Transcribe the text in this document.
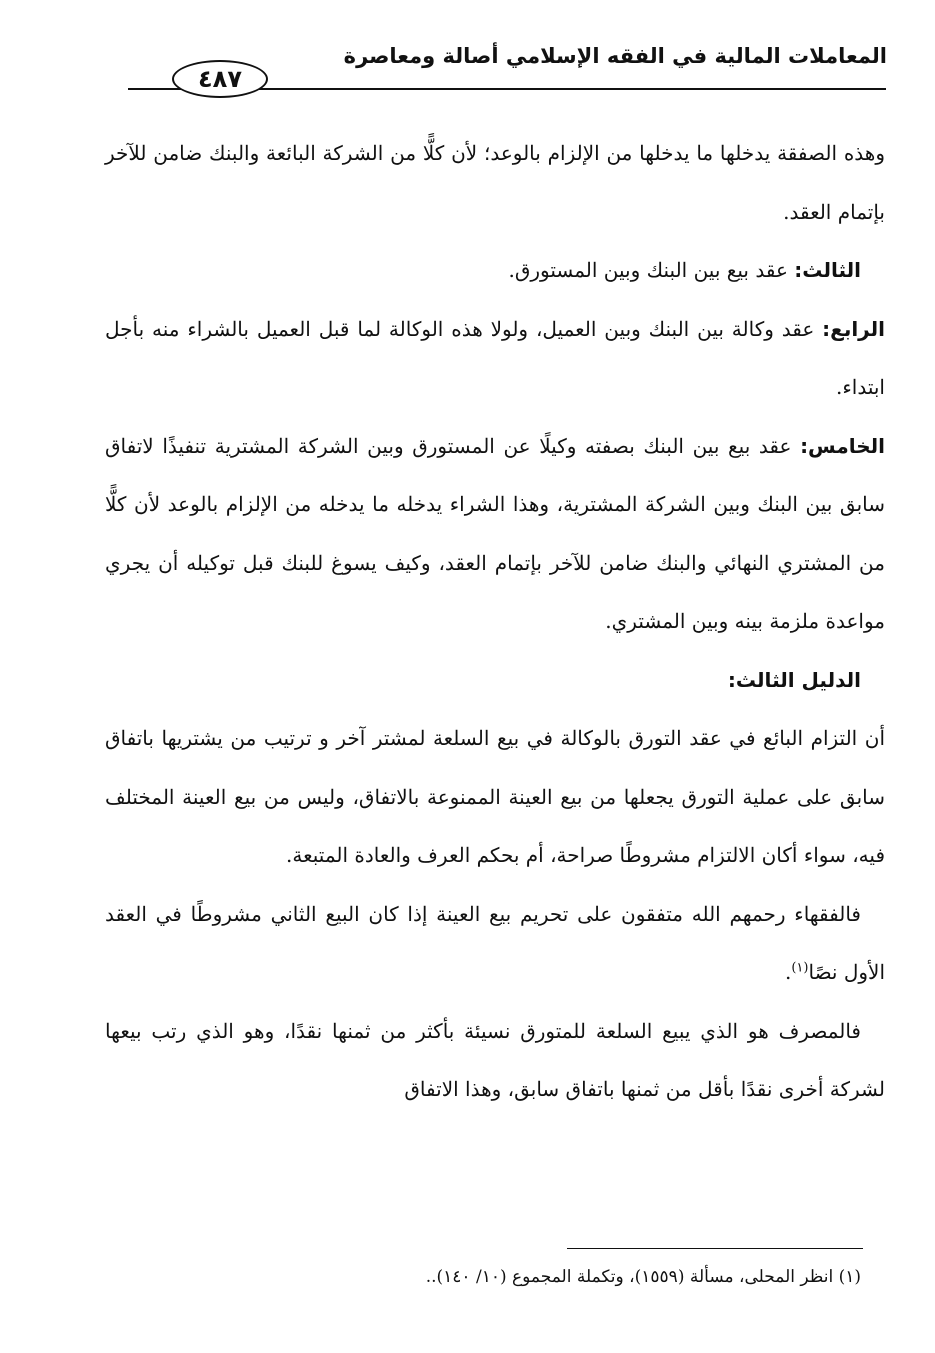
المعاملات المالية في الفقه الإسلامي أصالة ومعاصرة
٤٨٧

وهذه الصفقة يدخلها ما يدخلها من الإلزام بالوعد؛ لأن كلًّا من الشركة البائعة والبنك ضامن للآخر بإتمام العقد.

الثالث: عقد بيع بين البنك وبين المستورق.

الرابع: عقد وكالة بين البنك وبين العميل، ولولا هذه الوكالة لما قبل العميل بالشراء منه بأجل ابتداء.

الخامس: عقد بيع بين البنك بصفته وكيلًا عن المستورق وبين الشركة المشترية تنفيذًا لاتفاق سابق بين البنك وبين الشركة المشترية، وهذا الشراء يدخله ما يدخله من الإلزام بالوعد لأن كلًّا من المشتري النهائي والبنك ضامن للآخر بإتمام العقد، وكيف يسوغ للبنك قبل توكيله أن يجري مواعدة ملزمة بينه وبين المشتري.

الدليل الثالث:

أن التزام البائع في عقد التورق بالوكالة في بيع السلعة لمشتر آخر و ترتيب من يشتريها باتفاق سابق على عملية التورق يجعلها من بيع العينة الممنوعة بالاتفاق، وليس من بيع العينة المختلف فيه، سواء أكان الالتزام مشروطًا صراحة، أم بحكم العرف والعادة المتبعة.

فالفقهاء رحمهم الله متفقون على تحريم بيع العينة إذا كان البيع الثاني مشروطًا في العقد الأول نصًا$^{(١)}$.

فالمصرف هو الذي يبيع السلعة للمتورق نسيئة بأكثر من ثمنها نقدًا، وهو الذي رتب بيعها لشركة أخرى نقدًا بأقل من ثمنها باتفاق سابق، وهذا الاتفاق

(١) انظر المحلى، مسألة (١٥٥٩)، وتكملة المجموع (١٠/ ١٤٠)..
